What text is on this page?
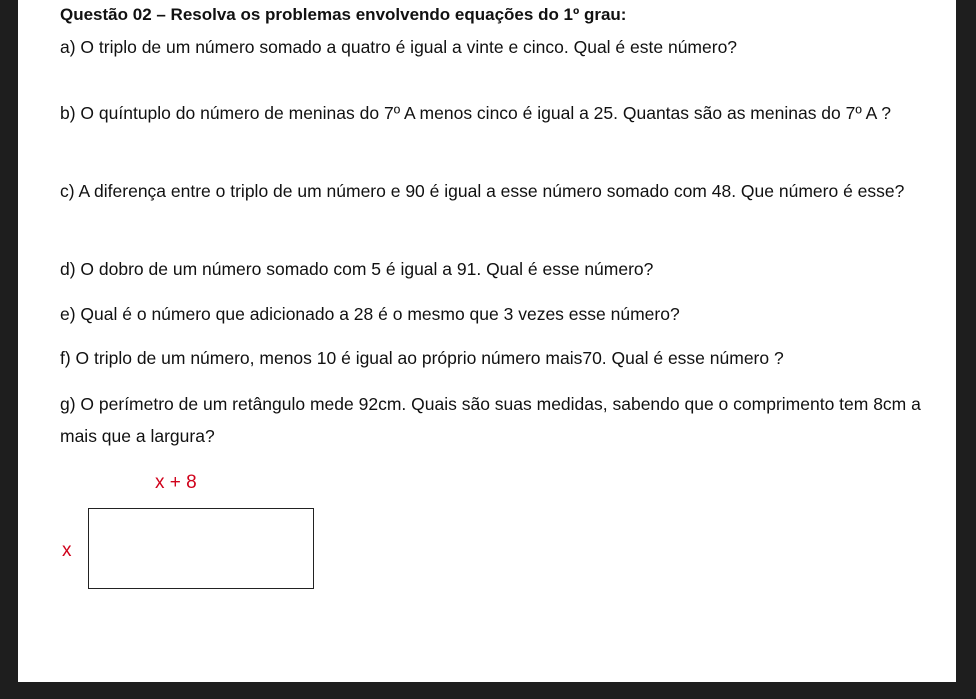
Questão 02 – Resolva os problemas envolvendo equações do 1º grau:
a) O triplo de um número somado a quatro é igual a vinte e cinco. Qual é este número?
b) O quíntuplo do número de meninas do 7º A menos cinco é igual a 25. Quantas são as meninas do 7º A ?
c) A diferença entre o triplo de um número e 90 é igual a esse número somado com 48. Que número é esse?
d) O dobro de um número somado com 5 é igual a 91. Qual é esse número?
e) Qual é o número que adicionado a 28 é o mesmo que 3 vezes esse número?
f) O triplo de um número, menos 10 é igual ao próprio número mais70. Qual é esse número ?
g) O perímetro de um retângulo mede 92cm. Quais são suas medidas, sabendo que o comprimento tem 8cm a mais que a largura?
x + 8
x
